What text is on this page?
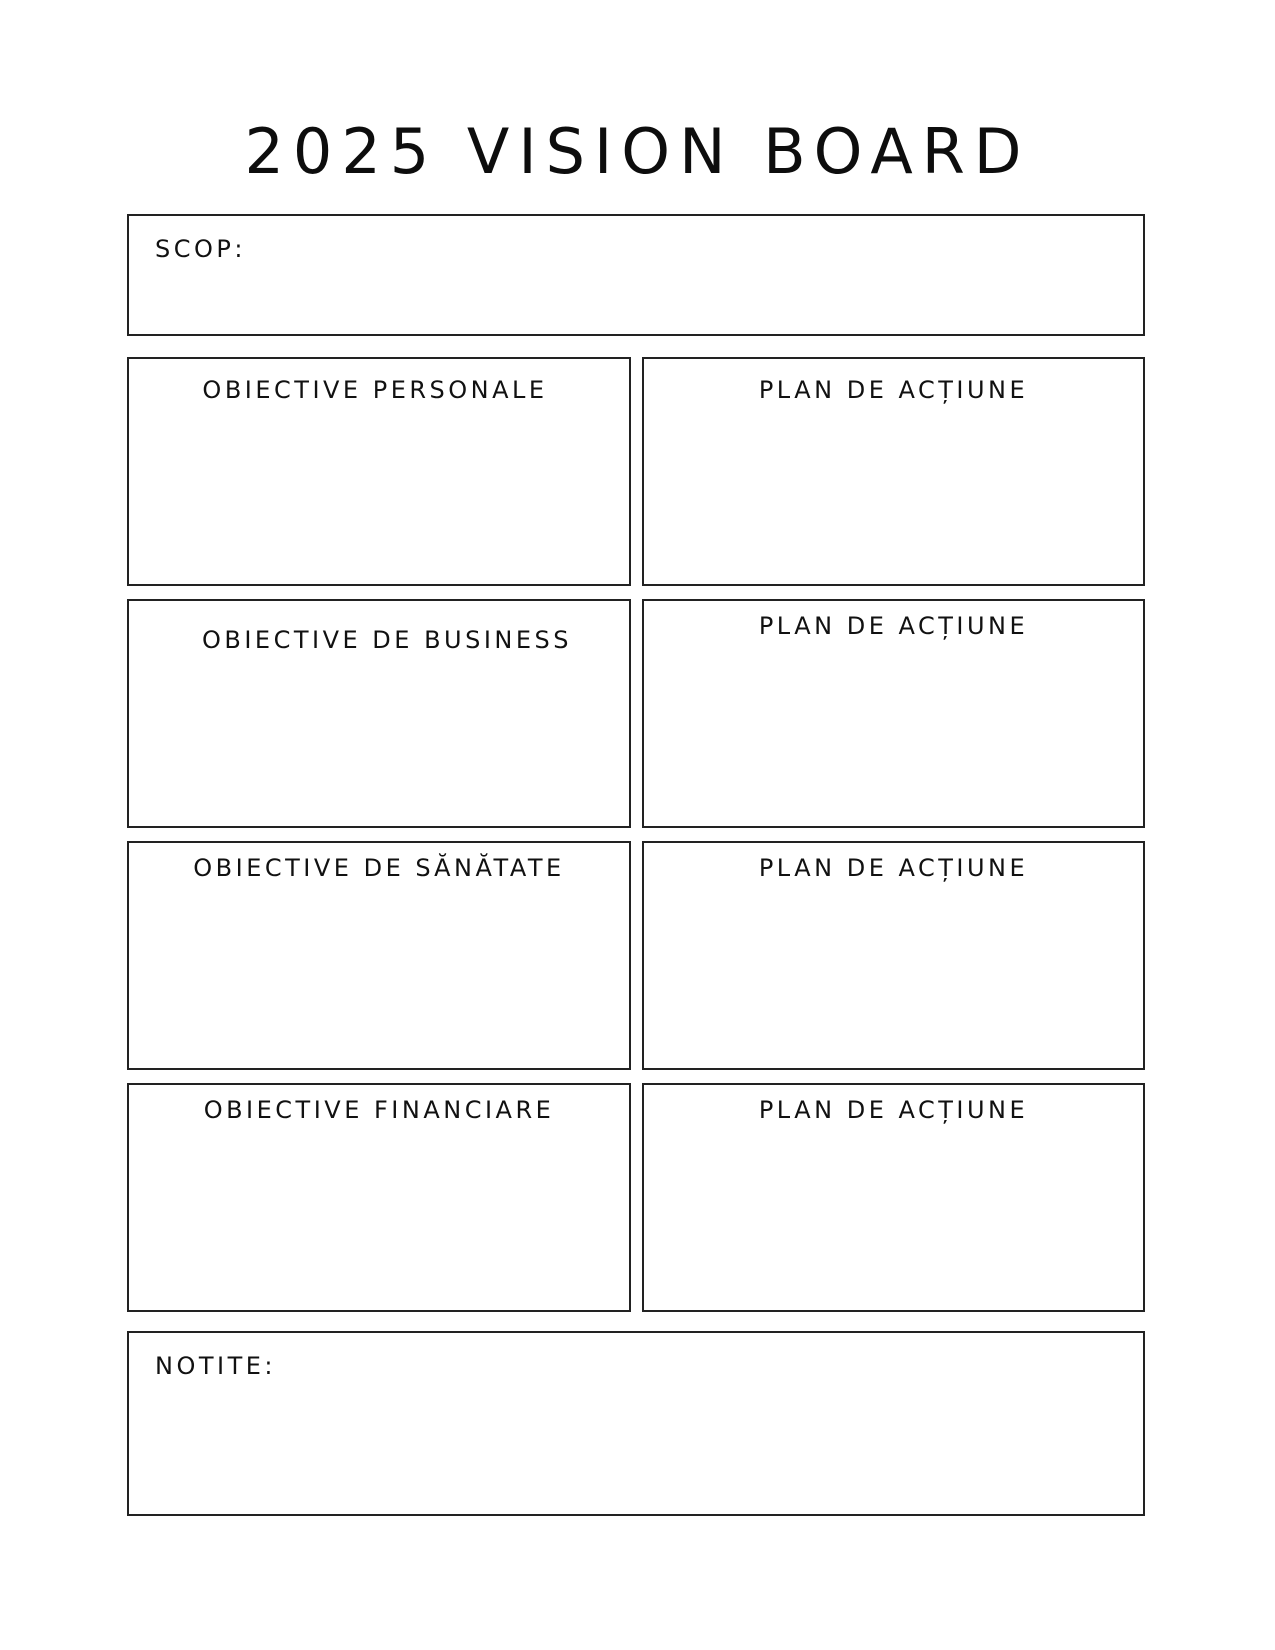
2025 VISION BOARD
SCOP:
OBIECTIVE PERSONALE	PLAN DE ACȚIUNE
OBIECTIVE DE BUSINESS	PLAN DE ACȚIUNE
OBIECTIVE DE SĂNĂTATE	PLAN DE ACȚIUNE
OBIECTIVE FINANCIARE	PLAN DE ACȚIUNE
NOTITE:
